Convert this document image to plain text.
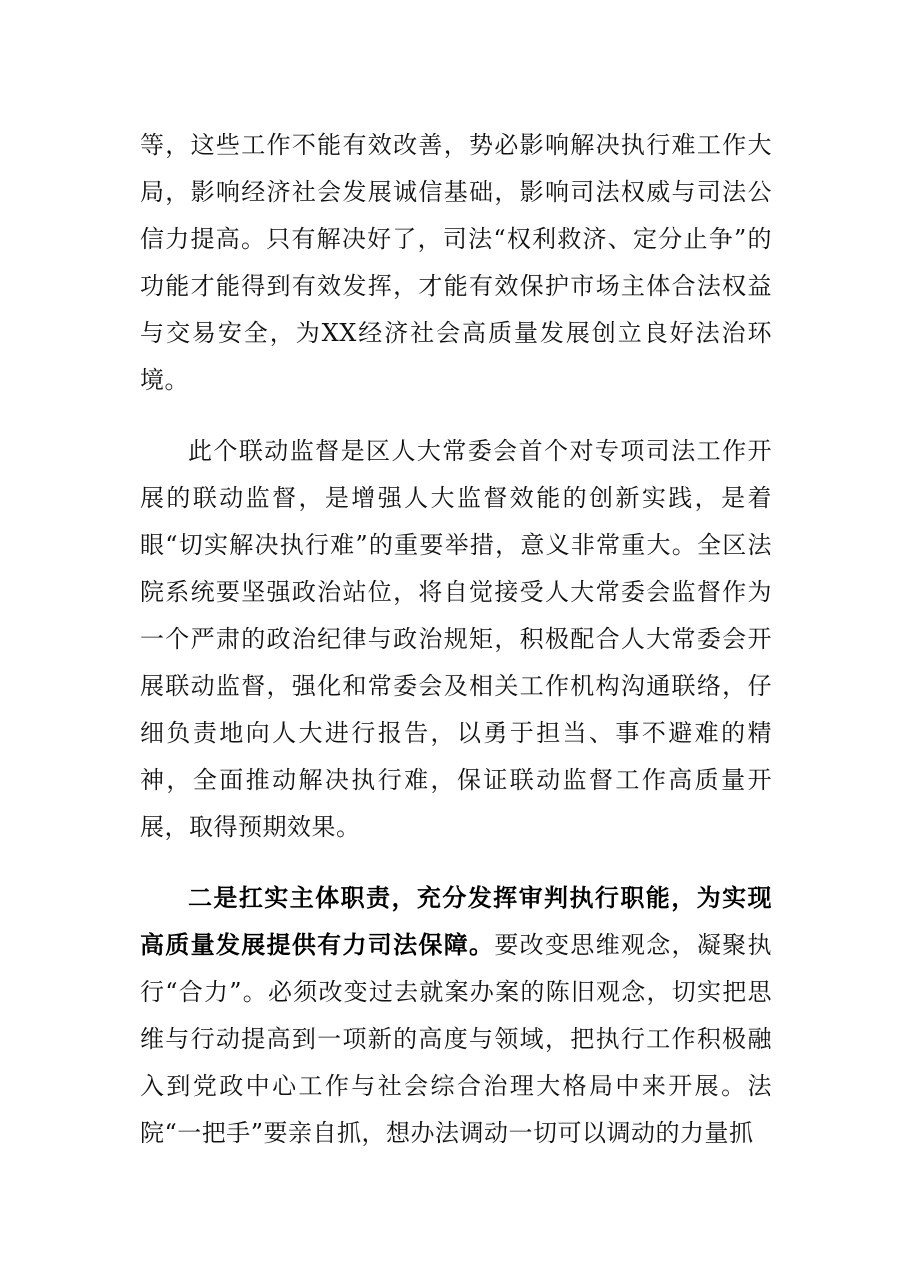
等，这些工作不能有效改善，势必影响解决执行难工作大局，影响经济社会发展诚信基础，影响司法权威与司法公信力提高。只有解决好了，司法“权利救济、定分止争”的功能才能得到有效发挥，才能有效保护市场主体合法权益与交易安全，为XX经济社会高质量发展创立良好法治环境。

此个联动监督是区人大常委会首个对专项司法工作开展的联动监督，是增强人大监督效能的创新实践，是着眼“切实解决执行难”的重要举措，意义非常重大。全区法院系统要坚强政治站位，将自觉接受人大常委会监督作为一个严肃的政治纪律与政治规矩，积极配合人大常委会开展联动监督，强化和常委会及相关工作机构沟通联络，仔细负责地向人大进行报告，以勇于担当、事不避难的精神，全面推动解决执行难，保证联动监督工作高质量开展，取得预期效果。

二是扛实主体职责，充分发挥审判执行职能，为实现高质量发展提供有力司法保障。要改变思维观念，凝聚执行“合力”。必须改变过去就案办案的陈旧观念，切实把思维与行动提高到一项新的高度与领域，把执行工作积极融入到党政中心工作与社会综合治理大格局中来开展。法院“一把手”要亲自抓，想办法调动一切可以调动的力量抓
